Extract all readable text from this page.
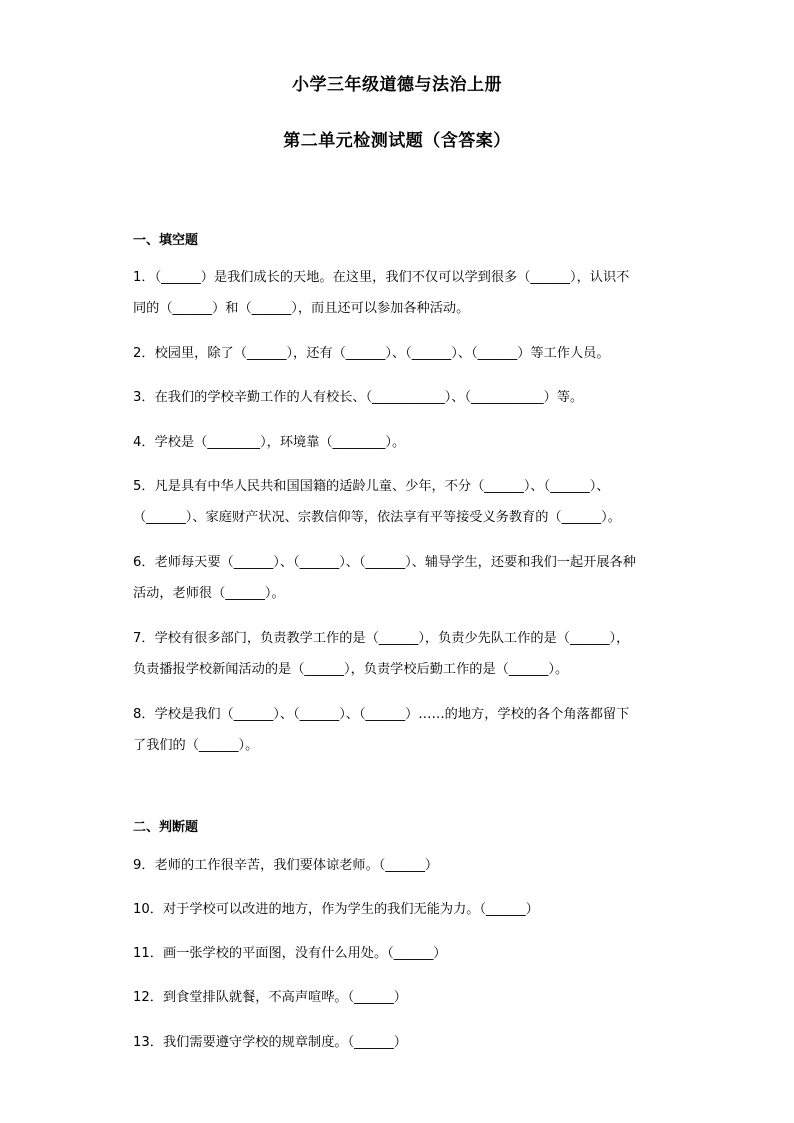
小学三年级道德与法治上册
第二单元检测试题（含答案）
一、填空题
1．（______）是我们成长的天地。在这里，我们不仅可以学到很多（______），认识不
同的（______）和（______），而且还可以参加各种活动。
2．校园里，除了（______），还有（______）、（______）、（______）等工作人员。
3．在我们的学校辛勤工作的人有校长、（___________）、（___________）等。
4．学校是（________），环境靠（________）。
5．凡是具有中华人民共和国国籍的适龄儿童、少年，不分（______）、（______）、
（______）、家庭财产状况、宗教信仰等，依法享有平等接受义务教育的（______）。
6．老师每天要（______）、（______）、（______）、辅导学生，还要和我们一起开展各种
活动，老师很（______）。
7．学校有很多部门，负责教学工作的是（______），负责少先队工作的是（______），
负责播报学校新闻活动的是（______），负责学校后勤工作的是（______）。
8．学校是我们（______）、（______）、（______）……的地方，学校的各个角落都留下
了我们的（______）。
二、判断题
9．老师的工作很辛苦，我们要体谅老师。（______）
10．对于学校可以改进的地方，作为学生的我们无能为力。（______）
11．画一张学校的平面图，没有什么用处。（______）
12．到食堂排队就餐，不高声喧哗。（______）
13．我们需要遵守学校的规章制度。（______）
